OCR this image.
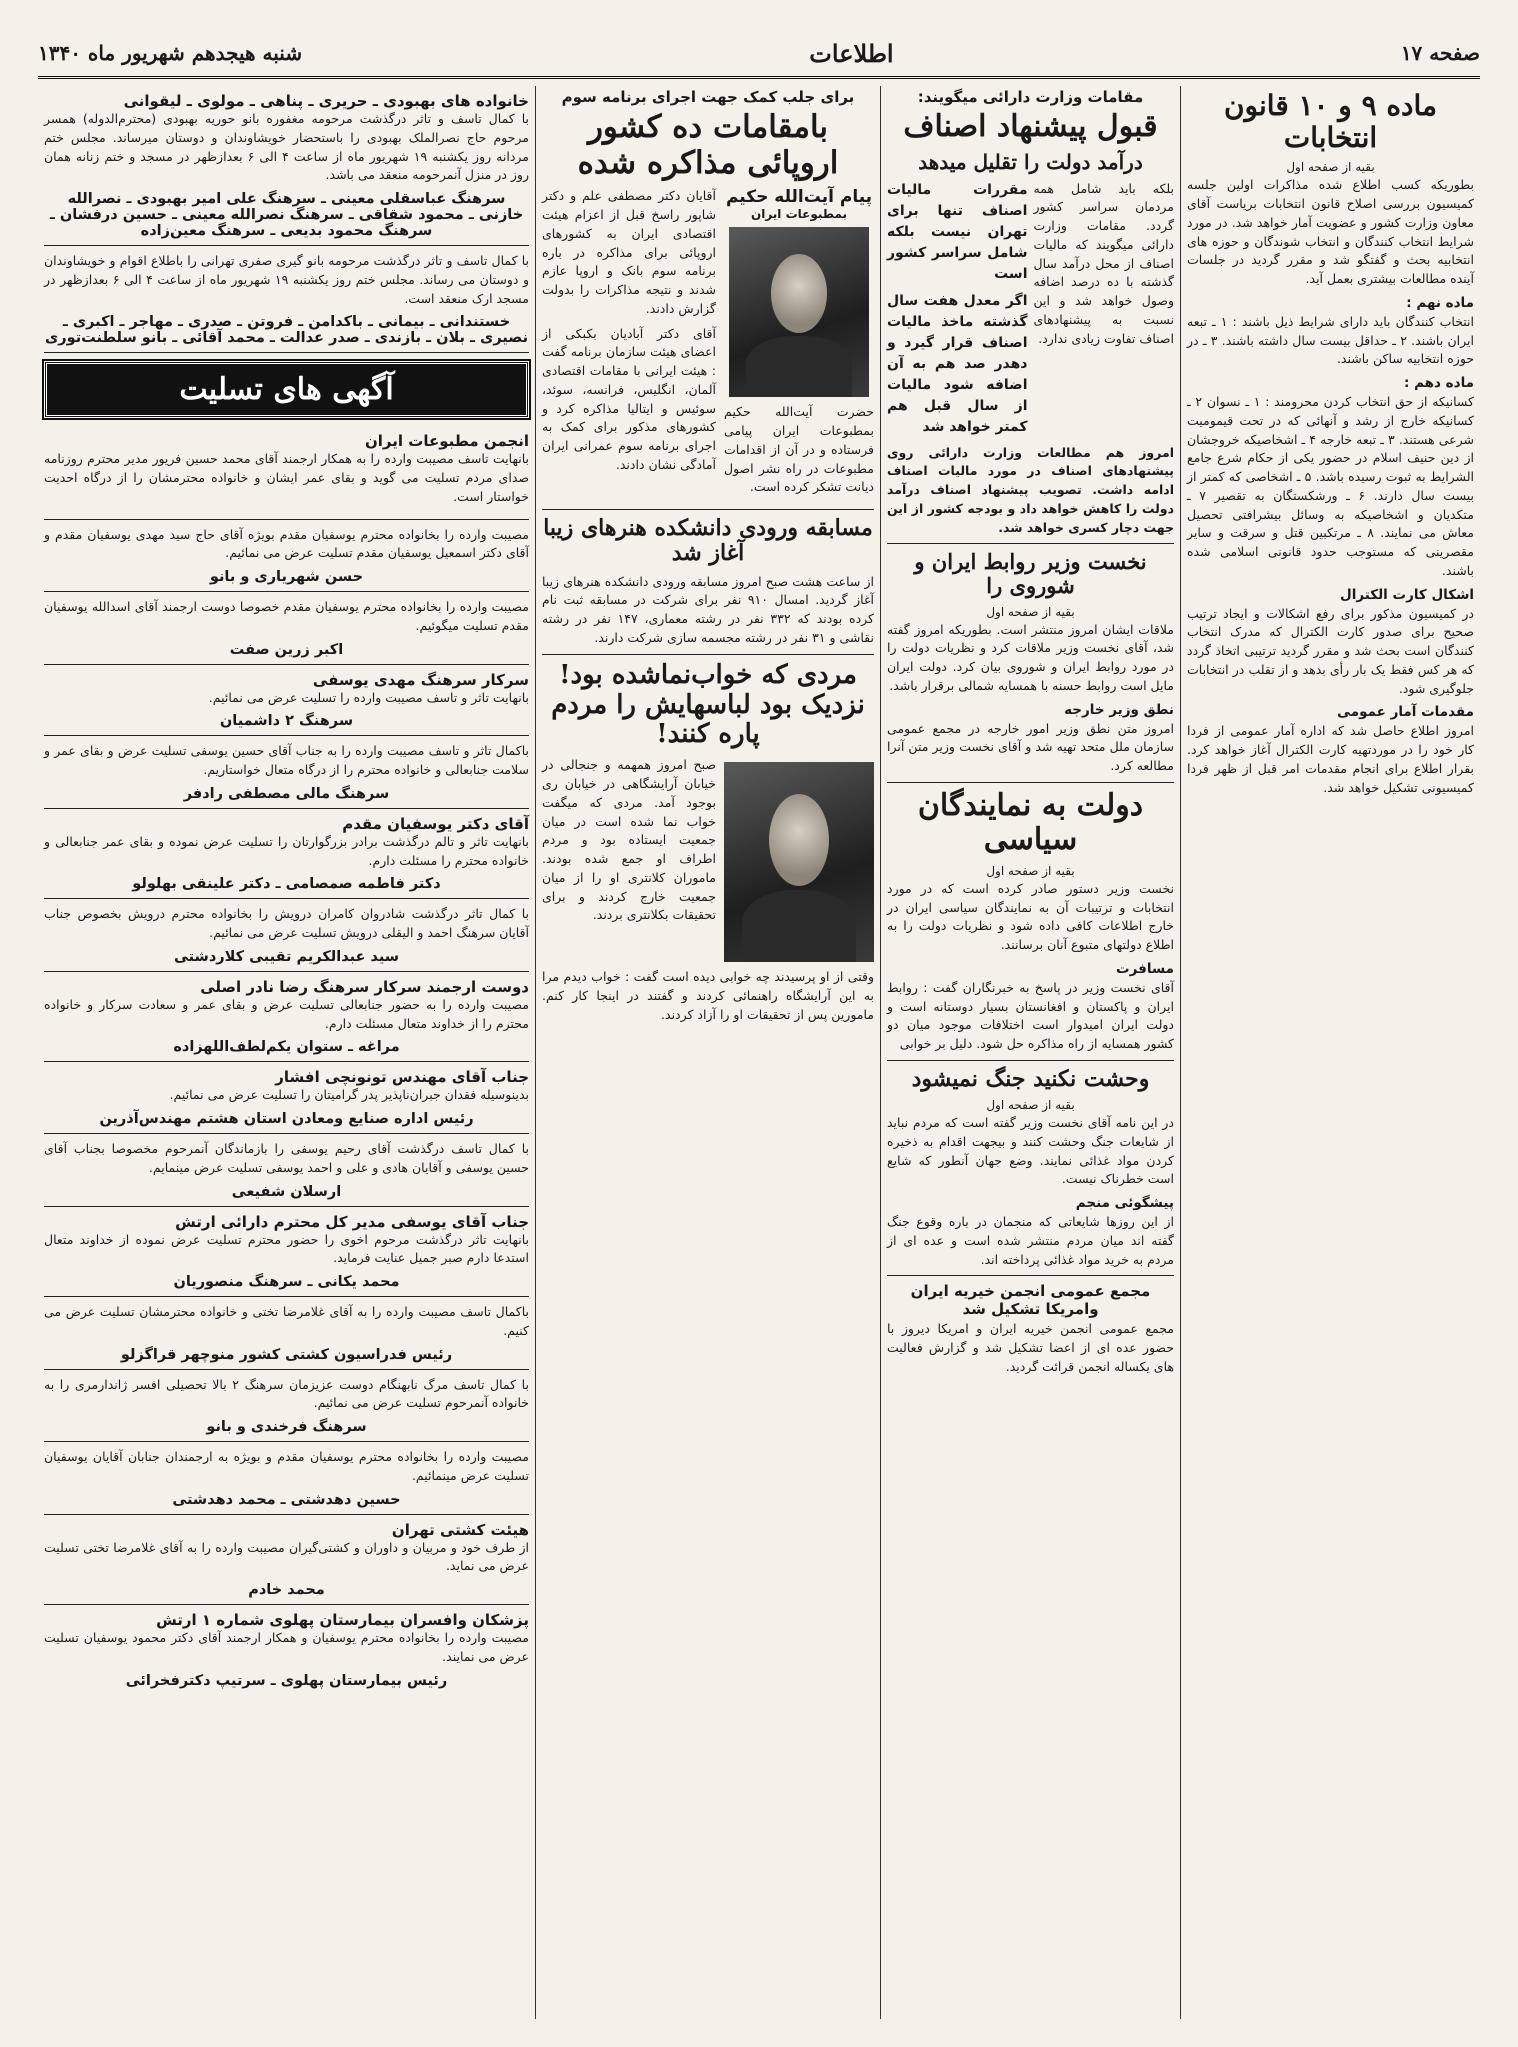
صفحه ۱۷
اطلاعات
شنبه هیجدهم شهریور ماه ۱۳۴۰
ماده ۹ و ۱۰ قانون انتخابات
بقیه از صفحه اول

بطوریکه کسب اطلاع شده مذاکرات اولین جلسه کمیسیون بررسی اصلاح قانون انتخابات بریاست آقای معاون وزارت کشور و عضویت آمار خواهد شد. در مورد شرایط انتخاب کنندگان و انتخاب شوندگان و حوزه های انتخابیه بحث و گفتگو شد و مقرر گردید در جلسات آینده مطالعات بیشتری بعمل آید.

ماده نهم :

انتخاب کنندگان باید دارای شرایط ذیل باشند : ۱ ـ تبعه ایران باشند. ۲ ـ حداقل بیست سال داشته باشند. ۳ ـ در حوزه انتخابیه ساکن باشند.

ماده دهم :

کسانیکه از حق انتخاب کردن محرومند : ۱ ـ نسوان ۲ ـ کسانیکه خارج از رشد و آنهائی که در تحت قیمومیت شرعی هستند. ۳ ـ تبعه خارجه ۴ ـ اشخاصیکه خروجشان از دین حنیف اسلام در حضور یکی از حکام شرع جامع الشرایط به ثبوت رسیده باشد. ۵ ـ اشخاصی که کمتر از بیست سال دارند. ۶ ـ ورشکستگان به تقصیر ۷ ـ متکدیان و اشخاصیکه به وسائل بیشرافتی تحصیل معاش می نمایند. ۸ ـ مرتکبین قتل و سرقت و سایر مقصرینی که مستوجب حدود قانونی اسلامی شده باشند.

اشکال کارت الکترال

در کمیسیون مذکور برای رفع اشکالات و ایجاد ترتیب صحیح برای صدور کارت الکترال که مدرک انتخاب کنندگان است بحث شد و مقرر گردید ترتیبی اتخاذ گردد که هر کس فقط یک بار رأی بدهد و از تقلب در انتخابات جلوگیری شود.

مقدمات آمار عمومی

امروز اطلاع حاصل شد که اداره آمار عمومی از فردا کار خود را در موردتهیه کارت الکترال آغاز خواهد کرد. بقرار اطلاع برای انجام مقدمات امر قبل از ظهر فردا کمیسیونی تشکیل خواهد شد.

مقامات وزارت دارائی میگویند:
قبول پیشنهاد اصناف
درآمد دولت را تقلیل میدهد

بلکه باید شامل همه مردمان سراسر کشور گردد. مقامات وزارت دارائی میگویند که مالیات اصناف از محل درآمد سال گذشته با ده درصد اضافه وصول خواهد شد و این نسبت به پیشنهادهای اصناف تفاوت زیادی ندارد.

مقررات مالیات اصناف تنها برای تهران نیست بلکه شامل سراسر کشور است

اگر معدل هفت سال گذشته ماخذ مالیات اصناف قرار گیرد و دهدر صد هم به آن اضافه شود مالیات از سال قبل هم کمتر خواهد شد

امروز هم مطالعات وزارت دارائی روی پیشنهادهای اصناف در مورد مالیات اصناف ادامه داشت. تصویب پیشنهاد اصناف درآمد دولت را کاهش خواهد داد و بودجه کشور از این جهت دچار کسری خواهد شد.

نخست وزیر روابط ایران و شوروی را
بقیه از صفحه اول

ملاقات ایشان امروز منتشر است. بطوریکه امروز گفته شد، آقای نخست وزیر ملاقات کرد و نظریات دولت را در مورد روابط ایران و شوروی بیان کرد. دولت ایران مایل است روابط حسنه با همسایه شمالی برقرار باشد.

نطق وزیر خارجه

امروز متن نطق وزیر امور خارجه در مجمع عمومی سازمان ملل متحد تهیه شد و آقای نخست وزیر متن آنرا مطالعه کرد.

دولت به نمایندگان سیاسی
بقیه از صفحه اول

نخست وزیر دستور صادر کرده است که در مورد انتخابات و ترتیبات آن به نمایندگان سیاسی ایران در خارج اطلاعات کافی داده شود و نظریات دولت را به اطلاع دولتهای متبوع آنان برسانند.

مسافرت

آقای نخست وزیر در پاسخ به خبرنگاران گفت : روابط ایران و پاکستان و افغانستان بسیار دوستانه است و دولت ایران امیدوار است اختلافات موجود میان دو کشور همسایه از راه مذاکره حل شود. دلیل بر خوابی

وحشت نکنید جنگ نمیشود
بقیه از صفحه اول

در این نامه آقای نخست وزیر گفته است که مردم نباید از شایعات جنگ وحشت کنند و بیجهت اقدام به ذخیره کردن مواد غذائی نمایند. وضع جهان آنطور که شایع است خطرناک نیست.

پیشگوئی منجم

از این روزها شایعاتی که منجمان در باره وقوع جنگ گفته اند میان مردم منتشر شده است و عده ای از مردم به خرید مواد غذائی پرداخته اند.

مجمع عمومی انجمن خیریه ایران وامریکا تشکیل شد

مجمع عمومی انجمن خیریه ایران و امریکا دیروز با حضور عده ای از اعضا تشکیل شد و گزارش فعالیت های یکساله انجمن قرائت گردید.

برای جلب کمک جهت اجرای برنامه سوم
بامقامات ده کشور اروپائی مذاکره شده
پیام آیت‌الله حکیم
بمطبوعات ایران

حضرت آیت‌الله حکیم بمطبوعات ایران پیامی فرستاده و در آن از اقدامات مطبوعات در راه نشر اصول دیانت تشکر کرده است.

آقایان دکتر مصطفی علم و دکتر شاپور راسخ قبل از اعزام هیئت اقتصادی ایران به کشورهای اروپائی برای مذاکره در باره برنامه سوم بانک و اروپا عازم شدند و نتیجه مذاکرات را بدولت گزارش دادند.

آقای دکتر آبادیان بکبکی از اعضای هیئت سازمان برنامه گفت : هیئت ایرانی با مقامات اقتصادی آلمان، انگلیس، فرانسه، سوئد، سوئیس و ایتالیا مذاکره کرد و کشورهای مذکور برای کمک به اجرای برنامه سوم عمرانی ایران آمادگی نشان دادند.

مسابقه ورودی دانشکده هنرهای زیبا آغاز شد

از ساعت هشت صبح امروز مسابقه ورودی دانشکده هنرهای زیبا آغاز گردید. امسال ۹۱۰ نفر برای شرکت در مسابقه ثبت نام کرده بودند که ۳۳۲ نفر در رشته معماری، ۱۴۷ نفر در رشته نقاشی و ۳۱ نفر در رشته مجسمه سازی شرکت دارند.

مردی که خواب‌نماشده بود! نزدیک بود لباسهایش را مردم پاره کنند!

صبح امروز همهمه و جنجالی در خیابان آرایشگاهی در خیابان ری بوجود آمد. مردی که میگفت خواب نما شده است در میان جمعیت ایستاده بود و مردم اطراف او جمع شده بودند. ماموران کلانتری او را از میان جمعیت خارج کردند و برای تحقیقات بکلانتری بردند.

وقتی از او پرسیدند چه خوابی دیده است گفت : خواب دیدم مرا به این آرایشگاه راهنمائی کردند و گفتند در اینجا کار کنم. مامورین پس از تحقیقات او را آزاد کردند.

خانواده های بهبودی ـ حریری ـ پناهی ـ مولوی ـ لیقوانی

با کمال تاسف و تاثر درگذشت مرحومه مغفوره بانو حوریه بهبودی (محترم‌الدوله) همسر مرحوم حاج نصرالملک بهبودی را باستحضار خویشاوندان و دوستان میرساند. مجلس ختم مردانه روز یکشنبه ۱۹ شهریور ماه از ساعت ۴ الی ۶ بعدازظهر در مسجد و ختم زنانه همان روز در منزل آنمرحومه منعقد می باشد.

سرهنگ عباسقلی معینی ـ سرهنگ علی امیر بهبودی ـ نصرالله خازنی ـ محمود شقاقی ـ سرهنگ نصرالله معینی ـ حسین درفشان ـ سرهنگ محمود بدیعی ـ سرهنگ معین‌زاده

با کمال تاسف و تاثر درگذشت مرحومه بانو گیری صفری تهرانی را باطلاع اقوام و خویشاوندان و دوستان می رساند. مجلس ختم روز یکشنبه ۱۹ شهریور ماه از ساعت ۴ الی ۶ بعدازظهر در مسجد ارک منعقد است.

خستندانی ـ بیمانی ـ باکدامن ـ فروتن ـ صدری ـ مهاجر ـ اکبری ـ نصیری ـ بلان ـ بازندی ـ صدر عدالت ـ محمد آقائی ـ بانو سلطنت‌توری
آگهی های تسلیت
انجمن مطبوعات ایران

بانهایت تاسف مصیبت وارده را به همکار ارجمند آقای محمد حسین فریور مدیر محترم روزنامه صدای مردم تسلیت می گوید و بقای عمر ایشان و خانواده محترمشان را از درگاه احدیت خواستار است.

مصیبت وارده را بخانواده محترم یوسفیان مقدم بویژه آقای حاج سید مهدی یوسفیان مقدم و آقای دکتر اسمعیل یوسفیان مقدم تسلیت عرض می نمائیم.

حسن شهریاری و بانو

مصیبت وارده را بخانواده محترم یوسفیان مقدم خصوصا دوست ارجمند آقای اسدالله یوسفیان مقدم تسلیت میگوئیم.

اکبر زرین صفت
سرکار سرهنگ مهدی یوسفی

بانهایت تاثر و تاسف مصیبت وارده را تسلیت عرض می نمائیم.

سرهنگ ۲ داشمیان

باکمال تاثر و تاسف مصیبت وارده را به جناب آقای حسین یوسفی تسلیت عرض و بقای عمر و سلامت جنابعالی و خانواده محترم را از درگاه متعال خواستاریم.

سرهنگ مالی مصطفی رادفر
آقای دکتر یوسفیان مقدم

بانهایت تاثر و تالم درگذشت برادر بزرگوارتان را تسلیت عرض نموده و بقای عمر جنابعالی و خانواده محترم را مسئلت دارم.

دکتر فاطمه صمصامی ـ دکتر علینقی بهلولو

با کمال تاثر درگذشت شادروان کامران درویش را بخانواده محترم درویش بخصوص جناب آقایان سرهنگ احمد و الیقلی درویش تسلیت عرض می نمائیم.

سید عبدالکریم تقیبی کلاردشتی
دوست ارجمند سرکار سرهنگ رضا نادر اصلی

مصیبت وارده را به حضور جنابعالی تسلیت عرض و بقای عمر و سعادت سرکار و خانواده محترم را از خداوند متعال مسئلت دارم.

مراغه ـ ستوان یکم‌لطف‌اللهزاده
جناب آقای مهندس تونونچی افشار

بدینوسیله فقدان جبران‌ناپذیر پدر گرامیتان را تسلیت عرض می نمائیم.

رئیس اداره صنایع ومعادن استان هشتم مهندس‌آذرین

با کمال تاسف درگذشت آقای رحیم یوسفی را بازماندگان آنمرحوم مخصوصا بجناب آقای حسین یوسفی و آقایان هادی و علی و احمد یوسفی تسلیت عرض مینمایم.

ارسلان شفیعی
جناب آقای یوسفی مدیر کل محترم دارائی ارتش

بانهایت تاثر درگذشت مرحوم اخوی را حضور محترم تسلیت عرض نموده از خداوند متعال استدعا دارم صبر جمیل عنایت فرماید.

محمد یکانی ـ سرهنگ منصوریان

باکمال تاسف مصیبت وارده را به آقای غلامرضا تختی و خانواده محترمشان تسلیت عرض می کنیم.

رئیس فدراسیون کشتی کشور منوچهر قراگزلو

با کمال تاسف مرگ نابهنگام دوست عزیزمان سرهنگ ۲ بالا تحصیلی افسر ژاندارمری را به خانواده آنمرحوم تسلیت عرض می نمائیم.

سرهنگ فرخندی و بانو

مصیبت وارده را بخانواده محترم یوسفیان مقدم و بویژه به ارجمندان جنابان آقایان یوسفیان تسلیت عرض مینمائیم.

حسین دهدشتی ـ محمد دهدشتی
هیئت کشتی تهران

از طرف خود و مربیان و داوران و کشتی‌گیران مصیبت وارده را به آقای غلامرضا تختی تسلیت عرض می نماید.

محمد خادم
پزشکان وافسران بیمارستان پهلوی شماره ۱ ارتش

مصیبت وارده را بخانواده محترم یوسفیان و همکار ارجمند آقای دکتر محمود یوسفیان تسلیت عرض می نمایند.

رئیس بیمارستان پهلوی ـ سرتیپ دکترفخرائی
